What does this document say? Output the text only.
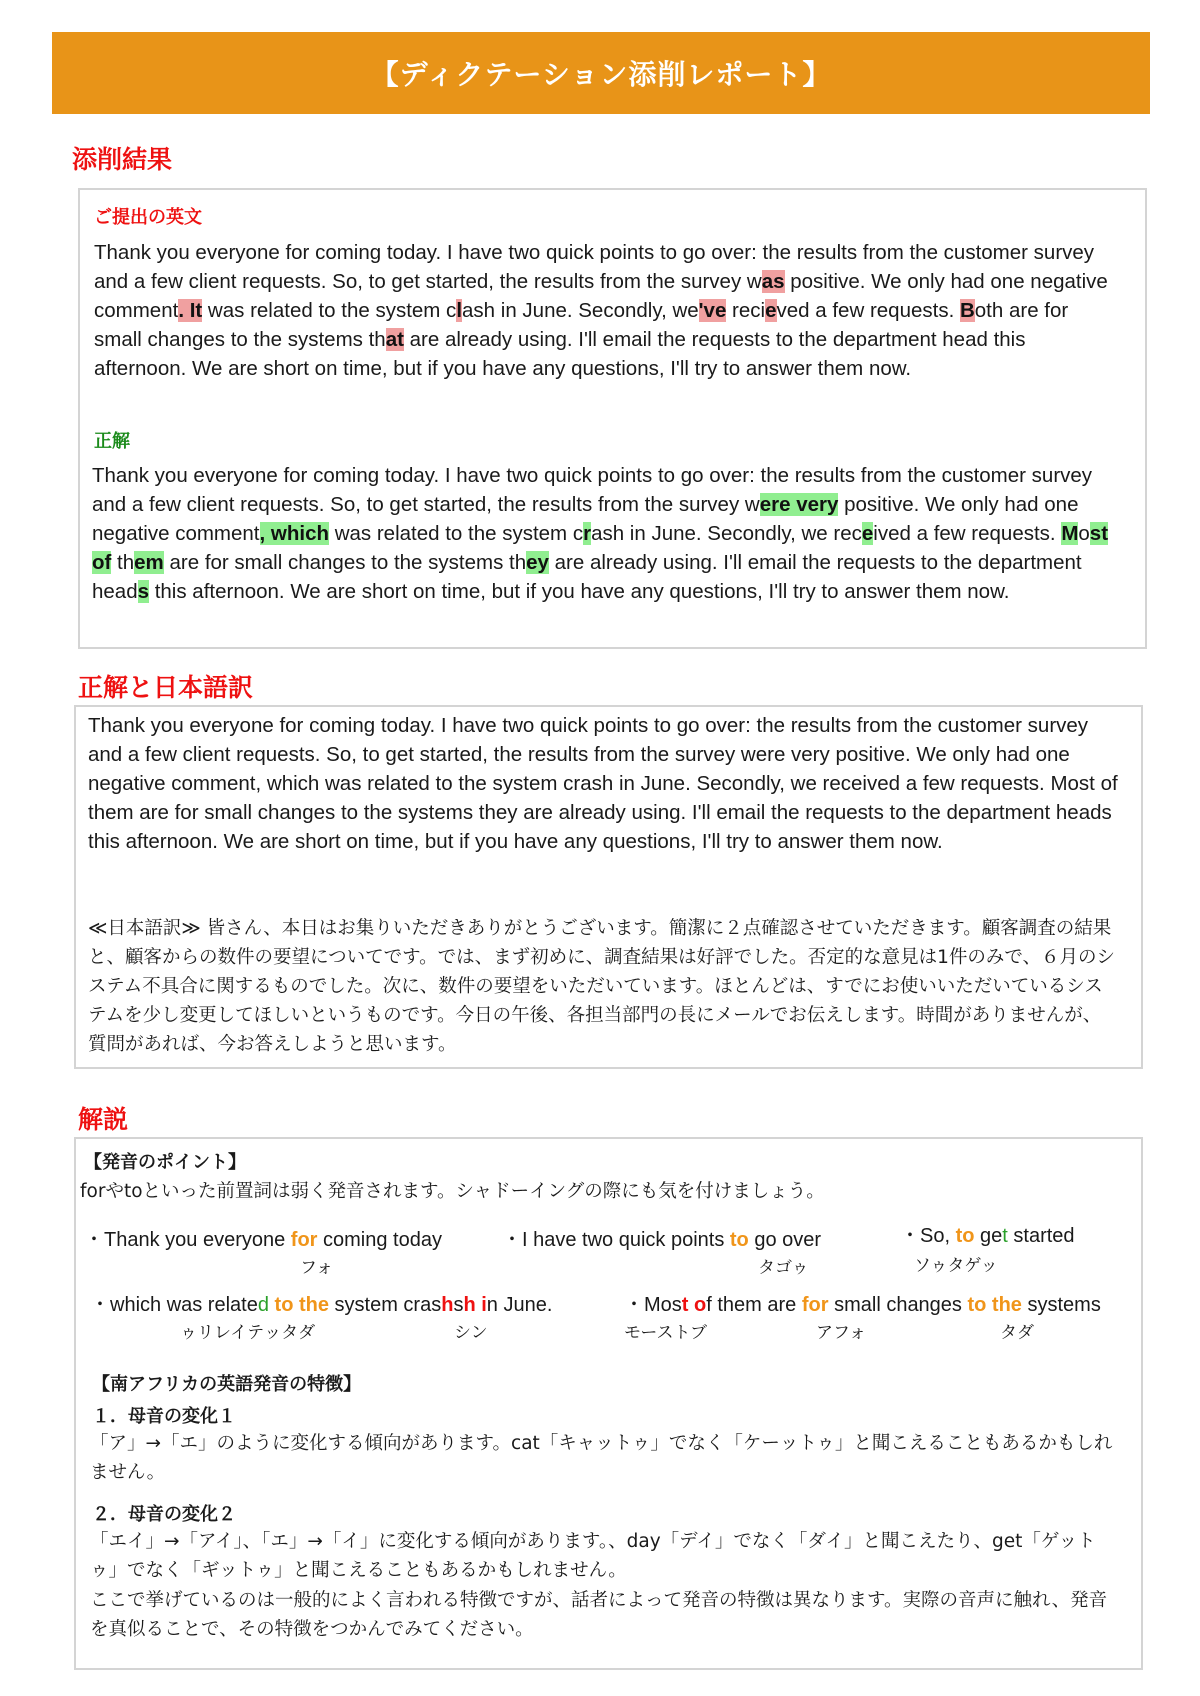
【ディクテーション添削レポート】
添削結果
ご提出の英文

Thank you everyone for coming today. I have two quick points to go over: the results from the customer survey and a few client requests. So, to get started, the results from the survey was positive. We only had one negative comment. It was related to the system clash in June. Secondly, we've recieved a few requests. Both are for small changes to the systems that are already using. I'll email the requests to the department head this afternoon. We are short on time, but if you have any questions, I'll try to answer them now.

正解

Thank you everyone for coming today. I have two quick points to go over: the results from the customer survey and a few client requests. So, to get started, the results from the survey were very positive. We only had one negative comment, which was related to the system crash in June. Secondly, we received a few requests. Most of them are for small changes to the systems they are already using. I'll email the requests to the department heads this afternoon. We are short on time, but if you have any questions, I'll try to answer them now.

正解と日本語訳

Thank you everyone for coming today. I have two quick points to go over: the results from the customer survey and a few client requests. So, to get started, the results from the survey were very positive. We only had one negative comment, which was related to the system crash in June. Secondly, we received a few requests. Most of them are for small changes to the systems they are already using. I'll email the requests to the department heads this afternoon. We are short on time, but if you have any questions, I'll try to answer them now.

≪日本語訳≫ 皆さん、本日はお集りいただきありがとうございます。簡潔に２点確認させていただきます。顧客調査の結果と、顧客からの数件の要望についてです。では、まず初めに、調査結果は好評でした。否定的な意見は1件のみで、６月のシステム不具合に関するものでした。次に、数件の要望をいただいています。ほとんどは、すでにお使いいただいているシステムを少し変更してほしいというものです。今日の午後、各担当部門の長にメールでお伝えします。時間がありませんが、質問があれば、今お答えしようと思います。

解説
【発音のポイント】
forやtoといった前置詞は弱く発音されます。シャドーイングの際にも気を付けましょう。
・Thank you everyone for coming today
フォ
・I have two quick points to go over
タゴゥ
・So, to get started
ソゥタゲッ
・which was related to the system crashsh in June.
ゥリレイテッタダ	シン
・Most of them are for small changes to the systems
モーストブ	アフォ	タダ
【南アフリカの英語発音の特徴】
１．母音の変化１

「ア」→「エ」のように変化する傾向があります。cat「キャットゥ」でなく「ケーットゥ」と聞こえることもあるかもしれません。

２．母音の変化２

「エイ」→「アイ」、「エ」→「イ」に変化する傾向があります。、day「デイ」でなく「ダイ」と聞こえたり、get「ゲットゥ」でなく「ギットゥ」と聞こえることもあるかもしれません。

ここで挙げているのは一般的によく言われる特徴ですが、話者によって発音の特徴は異なります。実際の音声に触れ、発音を真似ることで、その特徴をつかんでみてください。
